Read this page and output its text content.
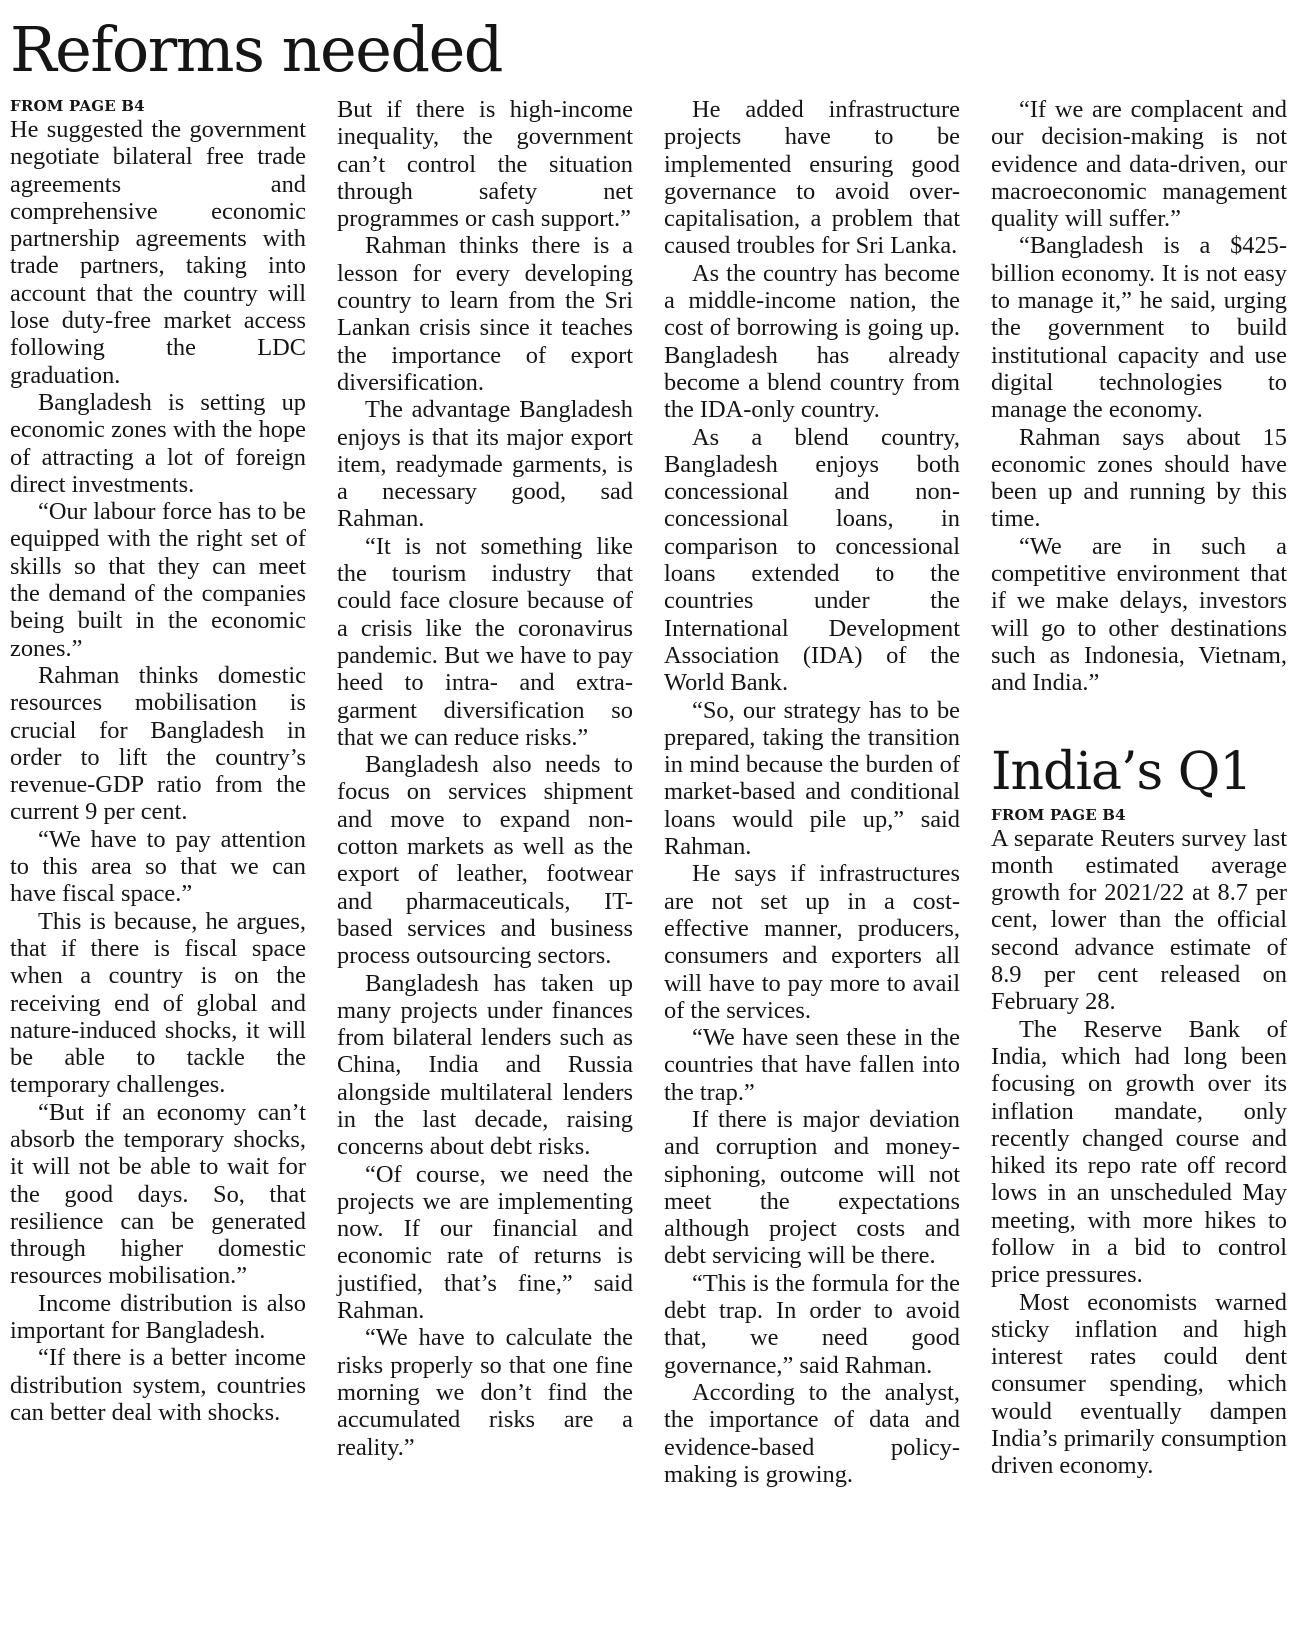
Reforms needed
FROM PAGE B4

He suggested the government negotiate bilateral free trade agreements and comprehensive economic partnership agreements with trade partners, taking into account that the country will lose duty-free market access following the LDC graduation.

Bangladesh is setting up economic zones with the hope of attracting a lot of foreign direct investments.

“Our labour force has to be equipped with the right set of skills so that they can meet the demand of the companies being built in the economic zones.”

Rahman thinks domestic resources mobilisation is crucial for Bangladesh in order to lift the country’s revenue-GDP ratio from the current 9 per cent.

“We have to pay attention to this area so that we can have fiscal space.”

This is because, he argues, that if there is fiscal space when a country is on the receiving end of global and nature-induced shocks, it will be able to tackle the temporary challenges.

“But if an economy can’t absorb the temporary shocks, it will not be able to wait for the good days. So, that resilience can be generated through higher domestic resources mobilisation.”

Income distribution is also important for Bangladesh.

“If there is a better income distribution system, countries can better deal with shocks.

But if there is high-income inequality, the government can’t control the situation through safety net programmes or cash support.”

Rahman thinks there is a lesson for every developing country to learn from the Sri Lankan crisis since it teaches the importance of export diversification.

The advantage Bangladesh enjoys is that its major export item, readymade garments, is a necessary good, sad Rahman.

“It is not something like the tourism industry that could face closure because of a crisis like the coronavirus pandemic. But we have to pay heed to intra- and extra-garment diversification so that we can reduce risks.”

Bangladesh also needs to focus on services shipment and move to expand non-cotton markets as well as the export of leather, footwear and pharmaceuticals, IT-based services and business process outsourcing sectors.

Bangladesh has taken up many projects under finances from bilateral lenders such as China, India and Russia alongside multilateral lenders in the last decade, raising concerns about debt risks.

“Of course, we need the projects we are implementing now. If our financial and economic rate of returns is justified, that’s fine,” said Rahman.

“We have to calculate the risks properly so that one fine morning we don’t find the accumulated risks are a reality.”

He added infrastructure projects have to be implemented ensuring good governance to avoid over-capitalisation, a problem that caused troubles for Sri Lanka.

As the country has become a middle-income nation, the cost of borrowing is going up. Bangladesh has already become a blend country from the IDA-only country.

As a blend country, Bangladesh enjoys both concessional and non-concessional loans, in comparison to concessional loans extended to the countries under the International Development Association (IDA) of the World Bank.

“So, our strategy has to be prepared, taking the transition in mind because the burden of market-based and conditional loans would pile up,” said Rahman.

He says if infrastructures are not set up in a cost-effective manner, producers, consumers and exporters all will have to pay more to avail of the services.

“We have seen these in the countries that have fallen into the trap.”

If there is major deviation and corruption and money-siphoning, outcome will not meet the expectations although project costs and debt servicing will be there.

“This is the formula for the debt trap. In order to avoid that, we need good governance,” said Rahman.

According to the analyst, the importance of data and evidence-based policy-making is growing.

“If we are complacent and our decision-making is not evidence and data-driven, our macroeconomic management quality will suffer.”

“Bangladesh is a $425-billion economy. It is not easy to manage it,” he said, urging the government to build institutional capacity and use digital technologies to manage the economy.

Rahman says about 15 economic zones should have been up and running by this time.

“We are in such a competitive environment that if we make delays, investors will go to other destinations such as Indonesia, Vietnam, and India.”

India’s Q1
FROM PAGE B4

A separate Reuters survey last month estimated average growth for 2021/22 at 8.7 per cent, lower than the official second advance estimate of 8.9 per cent released on February 28.

The Reserve Bank of India, which had long been focusing on growth over its inflation mandate, only recently changed course and hiked its repo rate off record lows in an unscheduled May meeting, with more hikes to follow in a bid to control price pressures.

Most economists warned sticky inflation and high interest rates could dent consumer spending, which would eventually dampen India’s primarily consumption driven economy.
